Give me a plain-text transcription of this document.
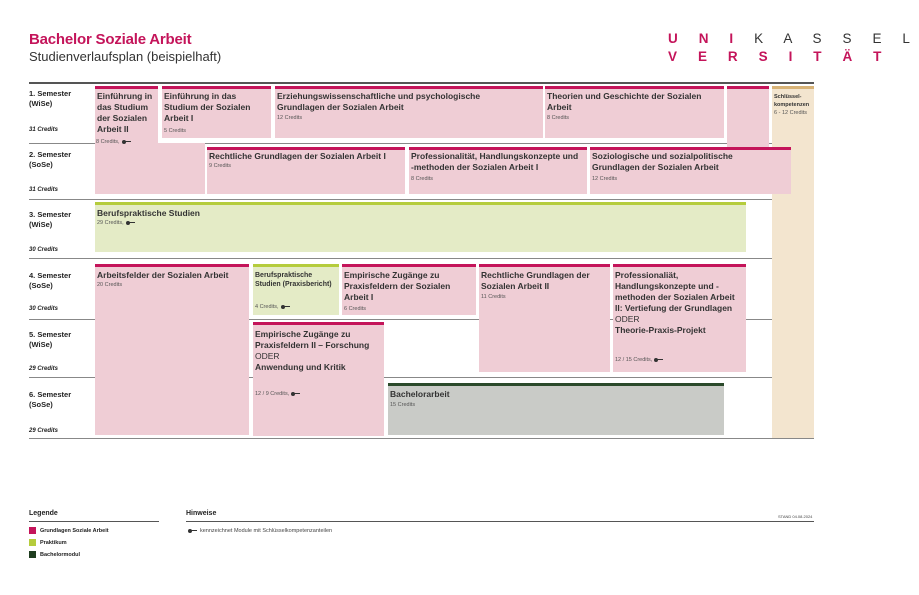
Bachelor Soziale Arbeit
Studienverlaufsplan (beispielhaft)
U N I K A S S E L
V E R S I T Ä T
1. Semester
(WiSe)
31 Credits
2. Semester
(SoSe)
31 Credits
3. Semester
(WiSe)
30 Credits
4. Semester
(SoSe)
30 Credits
5. Semester
(WiSe)
29 Credits
6. Semester
(SoSe)
29 Credits
Schlüssel-
kompetenzen
6 - 12 Credits
Einführung in das Studium der Sozialen Arbeit II
8 Credits,
Einführung in das Studium der Sozialen Arbeit I
5 Credits
Erziehungswissenschaftliche und psychologische Grundlagen der Sozialen Arbeit
12 Credits
Theorien und Geschichte der Sozialen Arbeit
8 Credits
Rechtliche Grundlagen der Sozialen Arbeit I
9 Credits
Professionalität, Handlungskonzepte und -methoden der Sozialen Arbeit I
8 Credits
Soziologische und sozialpolitische Grundlagen der Sozialen Arbeit
12 Credits
Berufspraktische Studien
29 Credits,
Arbeitsfelder der Sozialen Arbeit
20 Credits
Berufspraktische Studien (Praxisbericht)
4 Credits,
Empirische Zugänge zu Praxisfeldern der Sozialen Arbeit I
6 Credits
Rechtliche Grundlagen der Sozialen Arbeit II
11 Credits
Professionaliät, Handlungskonzepte und -methoden der Sozialen Arbeit II: Vertiefung der Grundlagen
ODER
Theorie-Praxis-Projekt
12 / 15 Credits,
Empirische Zugänge zu Praxisfeldern II – Forschung
ODER
Anwendung und Kritik
12 / 9 Credits,	Bachelorarbeit
15 Credits
Legende
Grundlagen Soziale Arbeit
Praktikum
Bachelormodul
Hinweise
kennzeichnet Module mit Schlüsselkompetenzanteilen
STAND 04.08.2024
